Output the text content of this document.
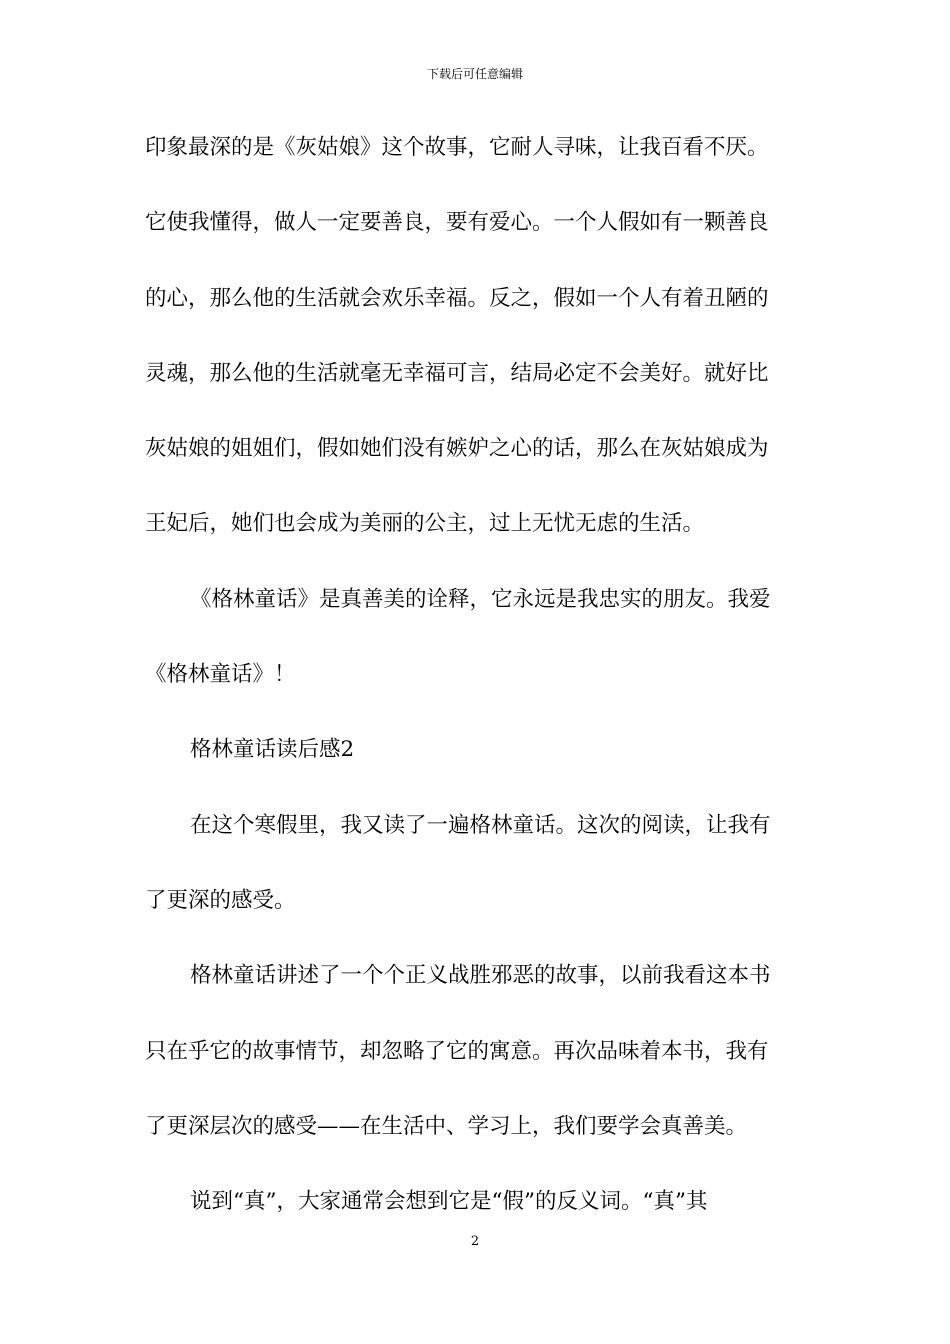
下载后可任意编辑
印象最深的是《灰姑娘》这个故事，它耐人寻味，让我百看不厌。
它使我懂得，做人一定要善良，要有爱心。一个人假如有一颗善良
的心，那么他的生活就会欢乐幸福。反之，假如一个人有着丑陋的
灵魂，那么他的生活就毫无幸福可言，结局必定不会美好。就好比
灰姑娘的姐姐们，假如她们没有嫉妒之心的话，那么在灰姑娘成为
王妃后，她们也会成为美丽的公主，过上无忧无虑的生活。
《格林童话》是真善美的诠释，它永远是我忠实的朋友。我爱
《格林童话》！
格林童话读后感2
在这个寒假里，我又读了一遍格林童话。这次的阅读，让我有
了更深的感受。
格林童话讲述了一个个正义战胜邪恶的故事，以前我看这本书
只在乎它的故事情节，却忽略了它的寓意。再次品味着本书，我有
了更深层次的感受——在生活中、学习上，我们要学会真善美。
说到“真”，大家通常会想到它是“假”的反义词。“真”其
2
